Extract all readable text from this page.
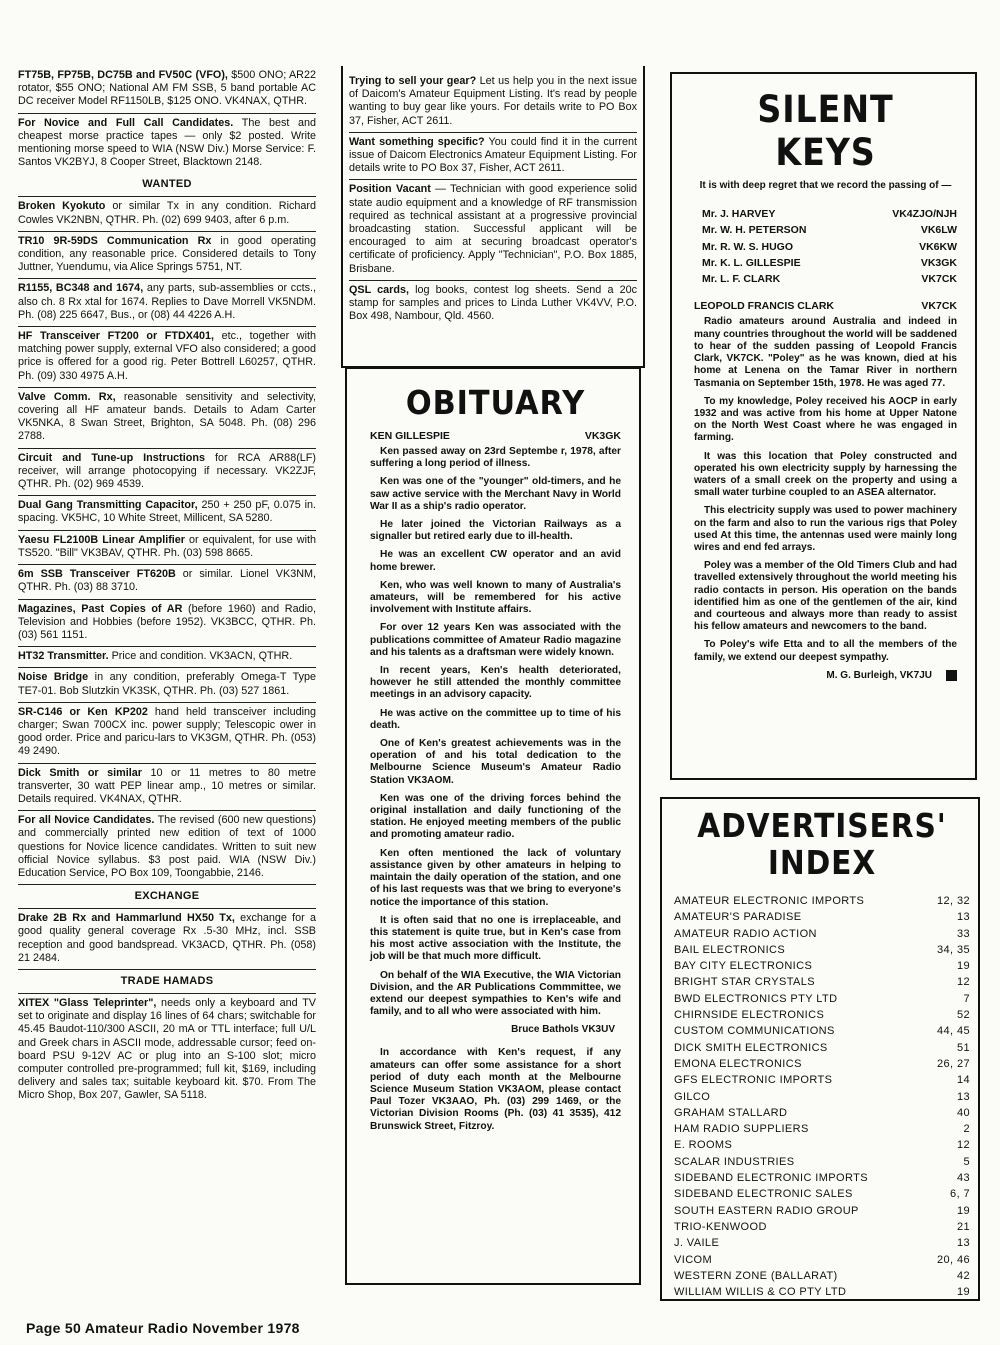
FT75B, FP75B, DC75B and FV50C (VFO), $500 ONO; AR22 rotator, $55 ONO; National AM FM SSB, 5 band portable AC DC receiver Model RF1150LB, $125 ONO. VK4NAX, QTHR.
For Novice and Full Call Candidates. The best and cheapest morse practice tapes — only $2 posted. Write mentioning morse speed to WIA (NSW Div.) Morse Service: F. Santos VK2BYJ, 8 Cooper Street, Blacktown 2148.
WANTED
Broken Kyokuto or similar Tx in any condition. Richard Cowles VK2NBN, QTHR. Ph. (02) 699 9403, after 6 p.m.
TR10 9R-59DS Communication Rx in good operating condition, any reasonable price. Considered details to Tony Juttner, Yuendumu, via Alice Springs 5751, NT.
R1155, BC348 and 1674, any parts, sub-assemblies or ccts., also ch. 8 Rx xtal for 1674. Replies to Dave Morrell VK5NDM. Ph. (08) 225 6647, Bus., or (08) 44 4226 A.H.
HF Transceiver FT200 or FTDX401, etc., together with matching power supply, external VFO also considered; a good price is offered for a good rig. Peter Bottrell L60257, QTHR. Ph. (09) 330 4975 A.H.
Valve Comm. Rx, reasonable sensitivity and selectivity, covering all HF amateur bands. Details to Adam Carter VK5NKA, 8 Swan Street, Brighton, SA 5048. Ph. (08) 296 2788.
Circuit and Tune-up Instructions for RCA AR88(LF) receiver, will arrange photocopying if necessary. VK2ZJF, QTHR. Ph. (02) 969 4539.
Dual Gang Transmitting Capacitor, 250 + 250 pF, 0.075 in. spacing. VK5HC, 10 White Street, Millicent, SA 5280.
Yaesu FL2100B Linear Amplifier or equivalent, for use with TS520. "Bill" VK3BAV, QTHR. Ph. (03) 598 8665.
6m SSB Transceiver FT620B or similar. Lionel VK3NM, QTHR. Ph. (03) 88 3710.
Magazines, Past Copies of AR (before 1960) and Radio, Television and Hobbies (before 1952). VK3BCC, QTHR. Ph. (03) 561 1151.
HT32 Transmitter. Price and condition. VK3ACN, QTHR.
Noise Bridge in any condition, preferably Omega-T Type TE7-01. Bob Slutzkin VK3SK, QTHR. Ph. (03) 527 1861.
SR-C146 or Ken KP202 hand held transceiver including charger; Swan 700CX inc. power supply; Telescopic ower in good order. Price and paricu-lars to VK3GM, QTHR. Ph. (053) 49 2490.
Dick Smith or similar 10 or 11 metres to 80 metre transverter, 30 watt PEP linear amp., 10 metres or similar. Details required. VK4NAX, QTHR.
For all Novice Candidates. The revised (600 new questions) and commercially printed new edition of text of 1000 questions for Novice licence candidates. Written to suit new official Novice syllabus. $3 post paid. WIA (NSW Div.) Education Service, PO Box 109, Toongabbie, 2146.
EXCHANGE
Drake 2B Rx and Hammarlund HX50 Tx, exchange for a good quality general coverage Rx .5-30 MHz, incl. SSB reception and good bandspread. VK3ACD, QTHR. Ph. (058) 21 2484.
TRADE HAMADS
XITEX "Glass Teleprinter", needs only a keyboard and TV set to originate and display 16 lines of 64 chars; switchable for 45.45 Baudot-110/300 ASCII, 20 mA or TTL interface; full U/L and Greek chars in ASCII mode, addressable cursor; feed on-board PSU 9-12V AC or plug into an S-100 slot; micro computer controlled pre-programmed; full kit, $169, including delivery and sales tax; suitable keyboard kit. $70. From The Micro Shop, Box 207, Gawler, SA 5118.
Trying to sell your gear? Let us help you in the next issue of Daicom's Amateur Equipment Listing. It's read by people wanting to buy gear like yours. For details write to PO Box 37, Fisher, ACT 2611.
Want something specific? You could find it in the current issue of Daicom Electronics Amateur Equipment Listing. For details write to PO Box 37, Fisher, ACT 2611.
Position Vacant — Technician with good experience solid state audio equipment and a knowledge of RF transmission required as technical assistant at a progressive provincial broadcasting station. Successful applicant will be encouraged to aim at securing broadcast operator's certificate of proficiency. Apply "Technician", P.O. Box 1885, Brisbane.
QSL cards, log books, contest log sheets. Send a 20c stamp for samples and prices to Linda Luther VK4VV, P.O. Box 498, Nambour, Qld. 4560.
OBITUARY
KEN GILLESPIE	VK3GK

Ken passed away on 23rd Septembe r, 1978, after suffering a long period of illness.

Ken was one of the "younger" old-timers, and he saw active service with the Merchant Navy in World War II as a ship's radio operator.

He later joined the Victorian Railways as a signaller but retired early due to ill-health.

He was an excellent CW operator and an avid home brewer.

Ken, who was well known to many of Australia's amateurs, will be remembered for his active involvement with Institute affairs.

For over 12 years Ken was associated with the publications committee of Amateur Radio magazine and his talents as a draftsman were widely known.

In recent years, Ken's health deteriorated, however he still attended the monthly committee meetings in an advisory capacity.

He was active on the committee up to time of his death.

One of Ken's greatest achievements was in the operation of and his total dedication to the Melbourne Science Museum's Amateur Radio Station VK3AOM.

Ken was one of the driving forces behind the original installation and daily functioning of the station. He enjoyed meeting members of the public and promoting amateur radio.

Ken often mentioned the lack of voluntary assistance given by other amateurs in helping to maintain the daily operation of the station, and one of his last requests was that we bring to everyone's notice the importance of this station.

It is often said that no one is irreplaceable, and this statement is quite true, but in Ken's case from his most active association with the Institute, the job will be that much more difficult.

On behalf of the WIA Executive, the WIA Victorian Division, and the AR Publications Commmittee, we extend our deepest sympathies to Ken's wife and family, and to all who were associated with him.

Bruce Bathols VK3UV
In accordance with Ken's request, if any amateurs can offer some assistance for a short period of duty each month at the Melbourne Science Museum Station VK3AOM, please contact Paul Tozer VK3AAO, Ph. (03) 299 1469, or the Victorian Division Rooms (Ph. (03) 41 3535), 412 Brunswick Street, Fitzroy.
SILENT KEYS
It is with deep regret that we record the passing of —
Mr. J. HARVEY	VK4ZJO/NJH
Mr. W. H. PETERSON	VK6LW
Mr. R. W. S. HUGO	VK6KW
Mr. K. L. GILLESPIE	VK3GK
Mr. L. F. CLARK	VK7CK
LEOPOLD FRANCIS CLARK	VK7CK

Radio amateurs around Australia and indeed in many countries throughout the world will be saddened to hear of the sudden passing of Leopold Francis Clark, VK7CK. "Poley" as he was known, died at his home at Lenena on the Tamar River in northern Tasmania on September 15th, 1978. He was aged 77.

To my knowledge, Poley received his AOCP in early 1932 and was active from his home at Upper Natone on the North West Coast where he was engaged in farming.

It was this location that Poley constructed and operated his own electricity supply by harnessing the waters of a small creek on the property and using a small water turbine coupled to an ASEA alternator.

This electricity supply was used to power machinery on the farm and also to run the various rigs that Poley used At this time, the antennas used were mainly long wires and end fed arrays.

Poley was a member of the Old Timers Club and had travelled extensively throughout the world meeting his radio contacts in person. His operation on the bands identified him as one of the gentlemen of the air, kind and courteous and always more than ready to assist his fellow amateurs and newcomers to the band.

To Poley's wife Etta and to all the members of the family, we extend our deepest sympathy.

M. G. Burleigh, VK7JU
ADVERTISERS'
INDEX
AMATEUR ELECTRONIC IMPORTS	12, 32
AMATEUR'S PARADISE	13
AMATEUR RADIO ACTION	33
BAIL ELECTRONICS	34, 35
BAY CITY ELECTRONICS	19
BRIGHT STAR CRYSTALS	12
BWD ELECTRONICS PTY LTD	7
CHIRNSIDE ELECTRONICS	52
CUSTOM COMMUNICATIONS	44, 45
DICK SMITH ELECTRONICS	51
EMONA ELECTRONICS	26, 27
GFS ELECTRONIC IMPORTS	14
GILCO	13
GRAHAM STALLARD	40
HAM RADIO SUPPLIERS	2
E. ROOMS	12
SCALAR INDUSTRIES	5
SIDEBAND ELECTRONIC IMPORTS	43
SIDEBAND ELECTRONIC SALES	6, 7
SOUTH EASTERN RADIO GROUP	19
TRIO-KENWOOD	21
J. VAILE	13
VICOM	20, 46
WESTERN ZONE (BALLARAT)	42
WILLIAM WILLIS & CO PTY LTD	19
Page 50 Amateur Radio November 1978
